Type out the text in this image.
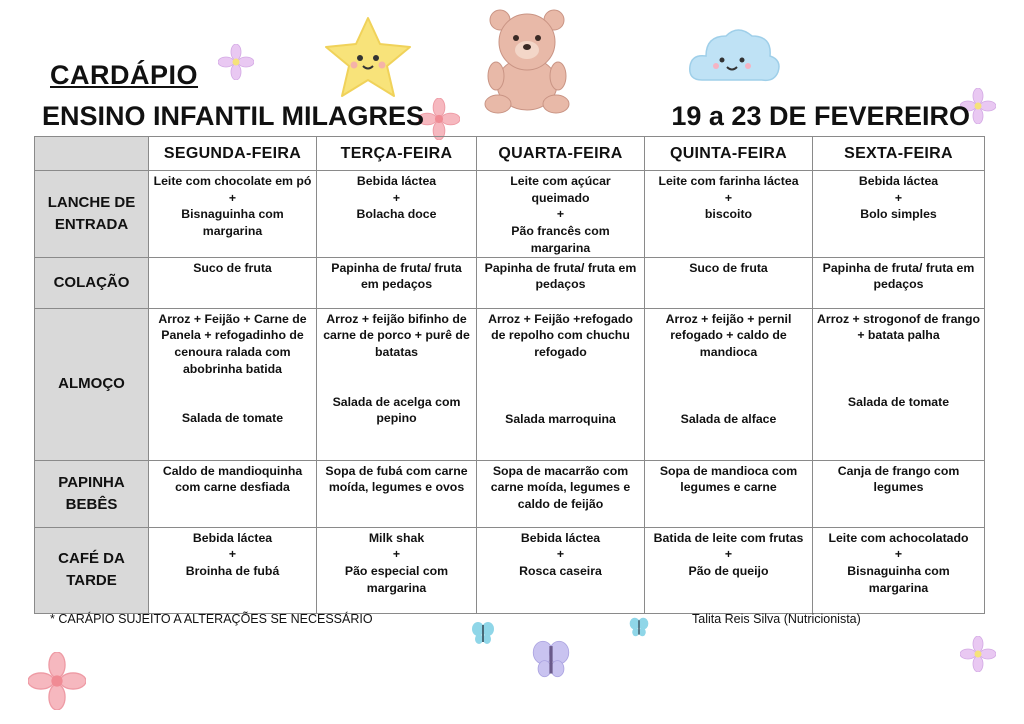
CARDÁPIO
ENSINO INFANTIL MILAGRES	19 a 23 DE FEVEREIRO
	SEGUNDA-FEIRA	TERÇA-FEIRA	QUARTA-FEIRA	QUINTA-FEIRA	SEXTA-FEIRA
LANCHE DE ENTRADA	Leite com chocolate em pó
+
Bisnaguinha com
margarina	Bebida láctea
+
Bolacha doce	Leite com açúcar
queimado
+
Pão francês com
margarina	Leite com farinha láctea
+
biscoito	Bebida láctea
+
Bolo simples

COLAÇÃO	Suco de fruta	Papinha de fruta/ fruta
em pedaços	Papinha de fruta/ fruta em
pedaços	Suco de fruta	Papinha de fruta/ fruta em
pedaços

ALMOÇO	Arroz + Feijão + Carne de
Panela + refogadinho de
cenoura ralada com
abobrinha batida
Salada de tomate	Arroz + feijão bifinho de
carne de porco + purê de
batatas
Salada de acelga com
pepino	Arroz + Feijão +refogado
de repolho com chuchu
refogado
Salada marroquina	Arroz + feijão + pernil
refogado + caldo de
mandioca
Salada de alface	Arroz + strogonof de frango
+ batata palha
Salada de tomate

PAPINHA BEBÊS	Caldo de mandioquinha
com carne desfiada	Sopa de fubá com carne
moída, legumes e ovos	Sopa de macarrão com
carne moída, legumes e
caldo de feijão	Sopa de mandioca com
legumes e carne	Canja de frango com
legumes

CAFÉ DA TARDE	Bebida láctea
+
Broinha de fubá	Milk shak
+
Pão especial com
margarina	Bebida láctea
+
Rosca caseira	Batida de leite com frutas
+
Pão de queijo	Leite com achocolatado
+
Bisnaguinha com
margarina
* CARÁPIO SUJEITO A ALTERAÇÕES SE NECESSÁRIO	Talita Reis Silva (Nutricionista)
